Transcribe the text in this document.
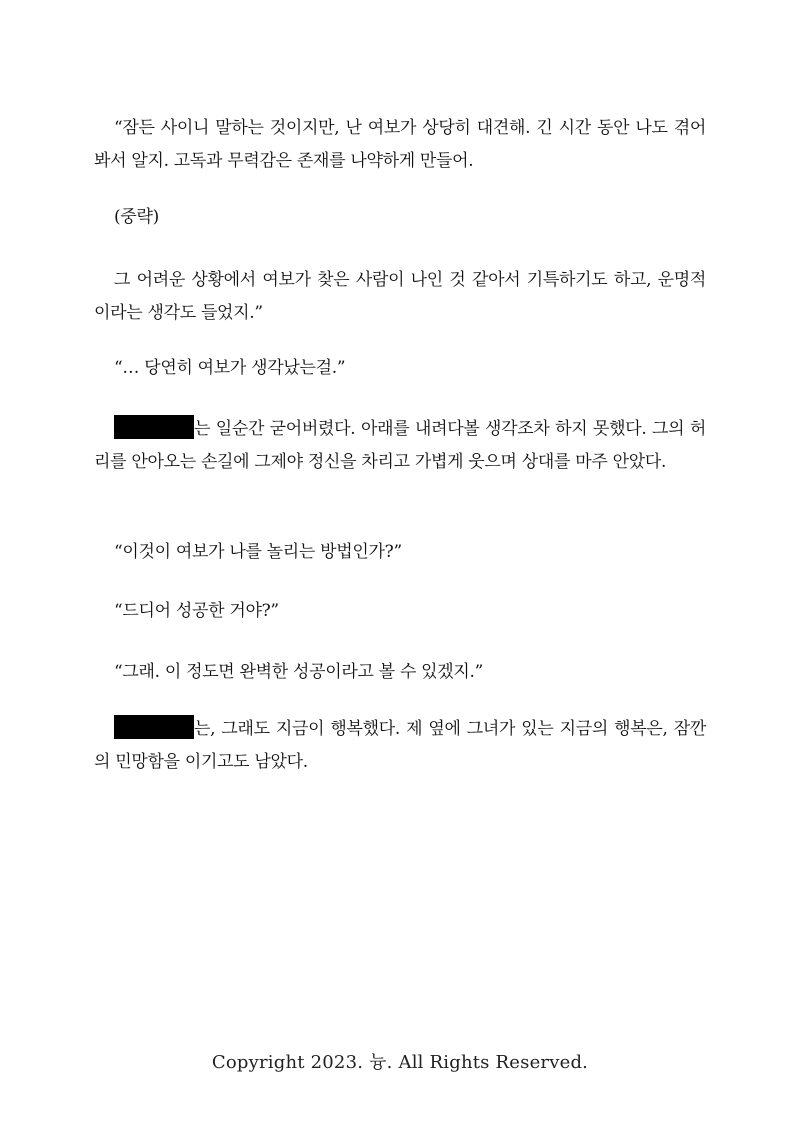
“잠든 사이니 말하는 것이지만, 난 여보가 상당히 대견해. 긴 시간 동안 나도 겪어봐서 알지. 고독과 무력감은 존재를 나약하게 만들어.

(중략)

그 어려운 상황에서 여보가 찾은 사람이 나인 것 같아서 기특하기도 하고, 운명적이라는 생각도 들었지.”

“… 당연히 여보가 생각났는걸.”

는 일순간 굳어버렸다. 아래를 내려다볼 생각조차 하지 못했다. 그의 허리를 안아오는 손길에 그제야 정신을 차리고 가볍게 웃으며 상대를 마주 안았다.

“이것이 여보가 나를 놀리는 방법인가?”

“드디어 성공한 거야?”

“그래. 이 정도면 완벽한 성공이라고 볼 수 있겠지.”

는, 그래도 지금이 행복했다. 제 옆에 그녀가 있는 지금의 행복은, 잠깐의 민망함을 이기고도 남았다.

Copyright 2023. 늉. All Rights Reserved.
